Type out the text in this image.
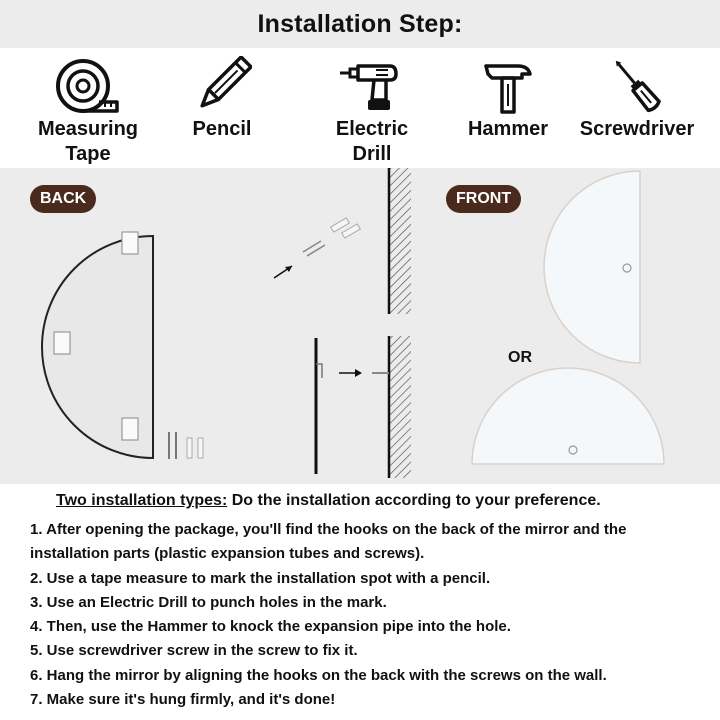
Installation Step:
Measuring
Tape
Pencil	Electric
Drill
Hammer	Screwdriver
BACK	FRONT
OR
Two installation types: Do the installation according to your preference.
1. After opening the package, you'll find the hooks on the back of the mirror and the installation parts (plastic expansion tubes and screws).
2. Use a tape measure to mark the installation spot with a pencil.
3. Use an Electric Drill to punch holes in the mark.
4. Then, use the Hammer to knock the expansion pipe into the hole.
5. Use screwdriver screw in the screw to fix it.
6. Hang the mirror by aligning the hooks on the back with the screws on the wall.
7. Make sure it's hung firmly, and it's done!
